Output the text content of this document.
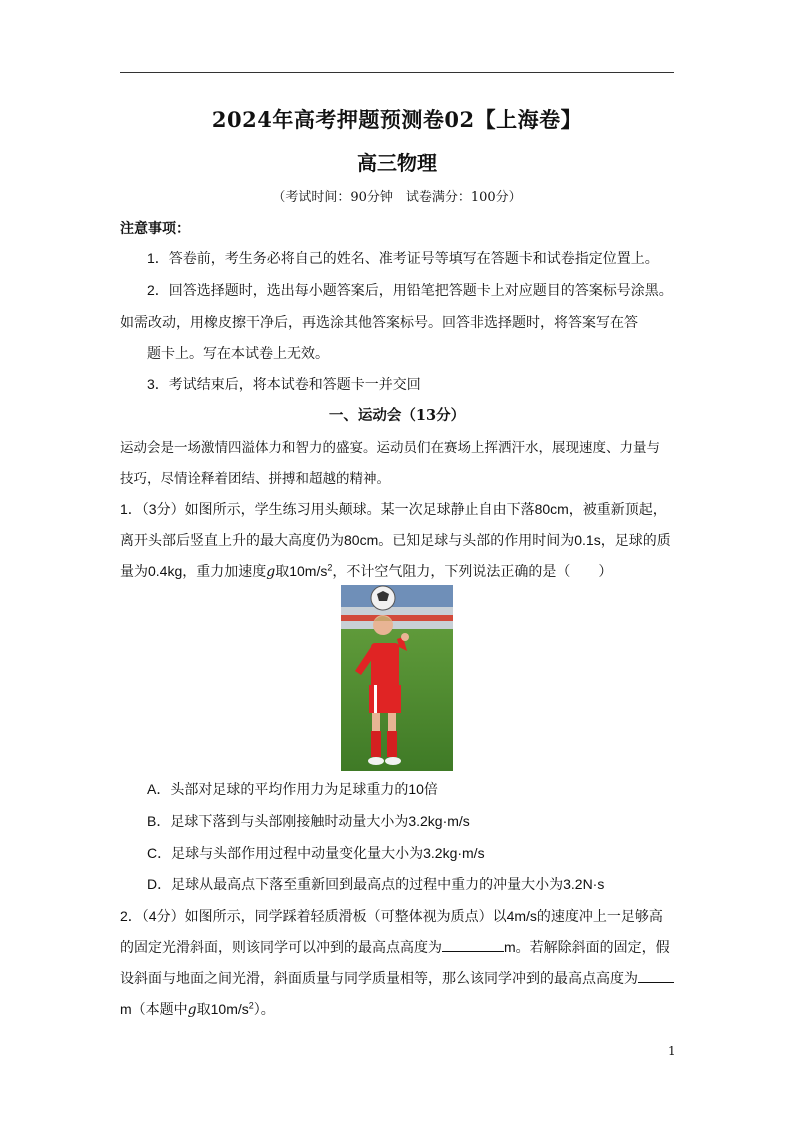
2024年高考押题预测卷02【上海卷】
高三物理
（考试时间：90分钟　试卷满分：100分）
注意事项：
1．答卷前，考生务必将自己的姓名、准考证号等填写在答题卡和试卷指定位置上。
2．回答选择题时，选出每小题答案后，用铅笔把答题卡上对应题目的答案标号涂黑。
如需改动，用橡皮擦干净后，再选涂其他答案标号。回答非选择题时，将答案写在答
题卡上。写在本试卷上无效。
3．考试结束后，将本试卷和答题卡一并交回
一、运动会（13分）
运动会是一场激情四溢体力和智力的盛宴。运动员们在赛场上挥洒汗水，展现速度、力量与
技巧，尽情诠释着团结、拼搏和超越的精神。
1．（3分）如图所示，学生练习用头颠球。某一次足球静止自由下落80cm，被重新顶起，
离开头部后竖直上升的最大高度仍为80cm。已知足球与头部的作用时间为0.1s，足球的质
量为0.4kg，重力加速度g取$10m/s^2$，不计空气阻力，下列说法正确的是（　　）
A．头部对足球的平均作用力为足球重力的10倍
B．足球下落到与头部刚接触时动量大小为3.2kg·m/s
C．足球与头部作用过程中动量变化量大小为3.2kg·m/s
D．足球从最高点下落至重新回到最高点的过程中重力的冲量大小为3.2N·s
2．（4分）如图所示，同学踩着轻质滑板（可整体视为质点）以4m/s的速度冲上一足够高
的固定光滑斜面，则该同学可以冲到的最高点高度为	m。若解除斜面的固定，假
设斜面与地面之间光滑，斜面质量与同学质量相等，那么该同学冲到的最高点高度为
m（本题中g取$10m/s^2$）。
1
